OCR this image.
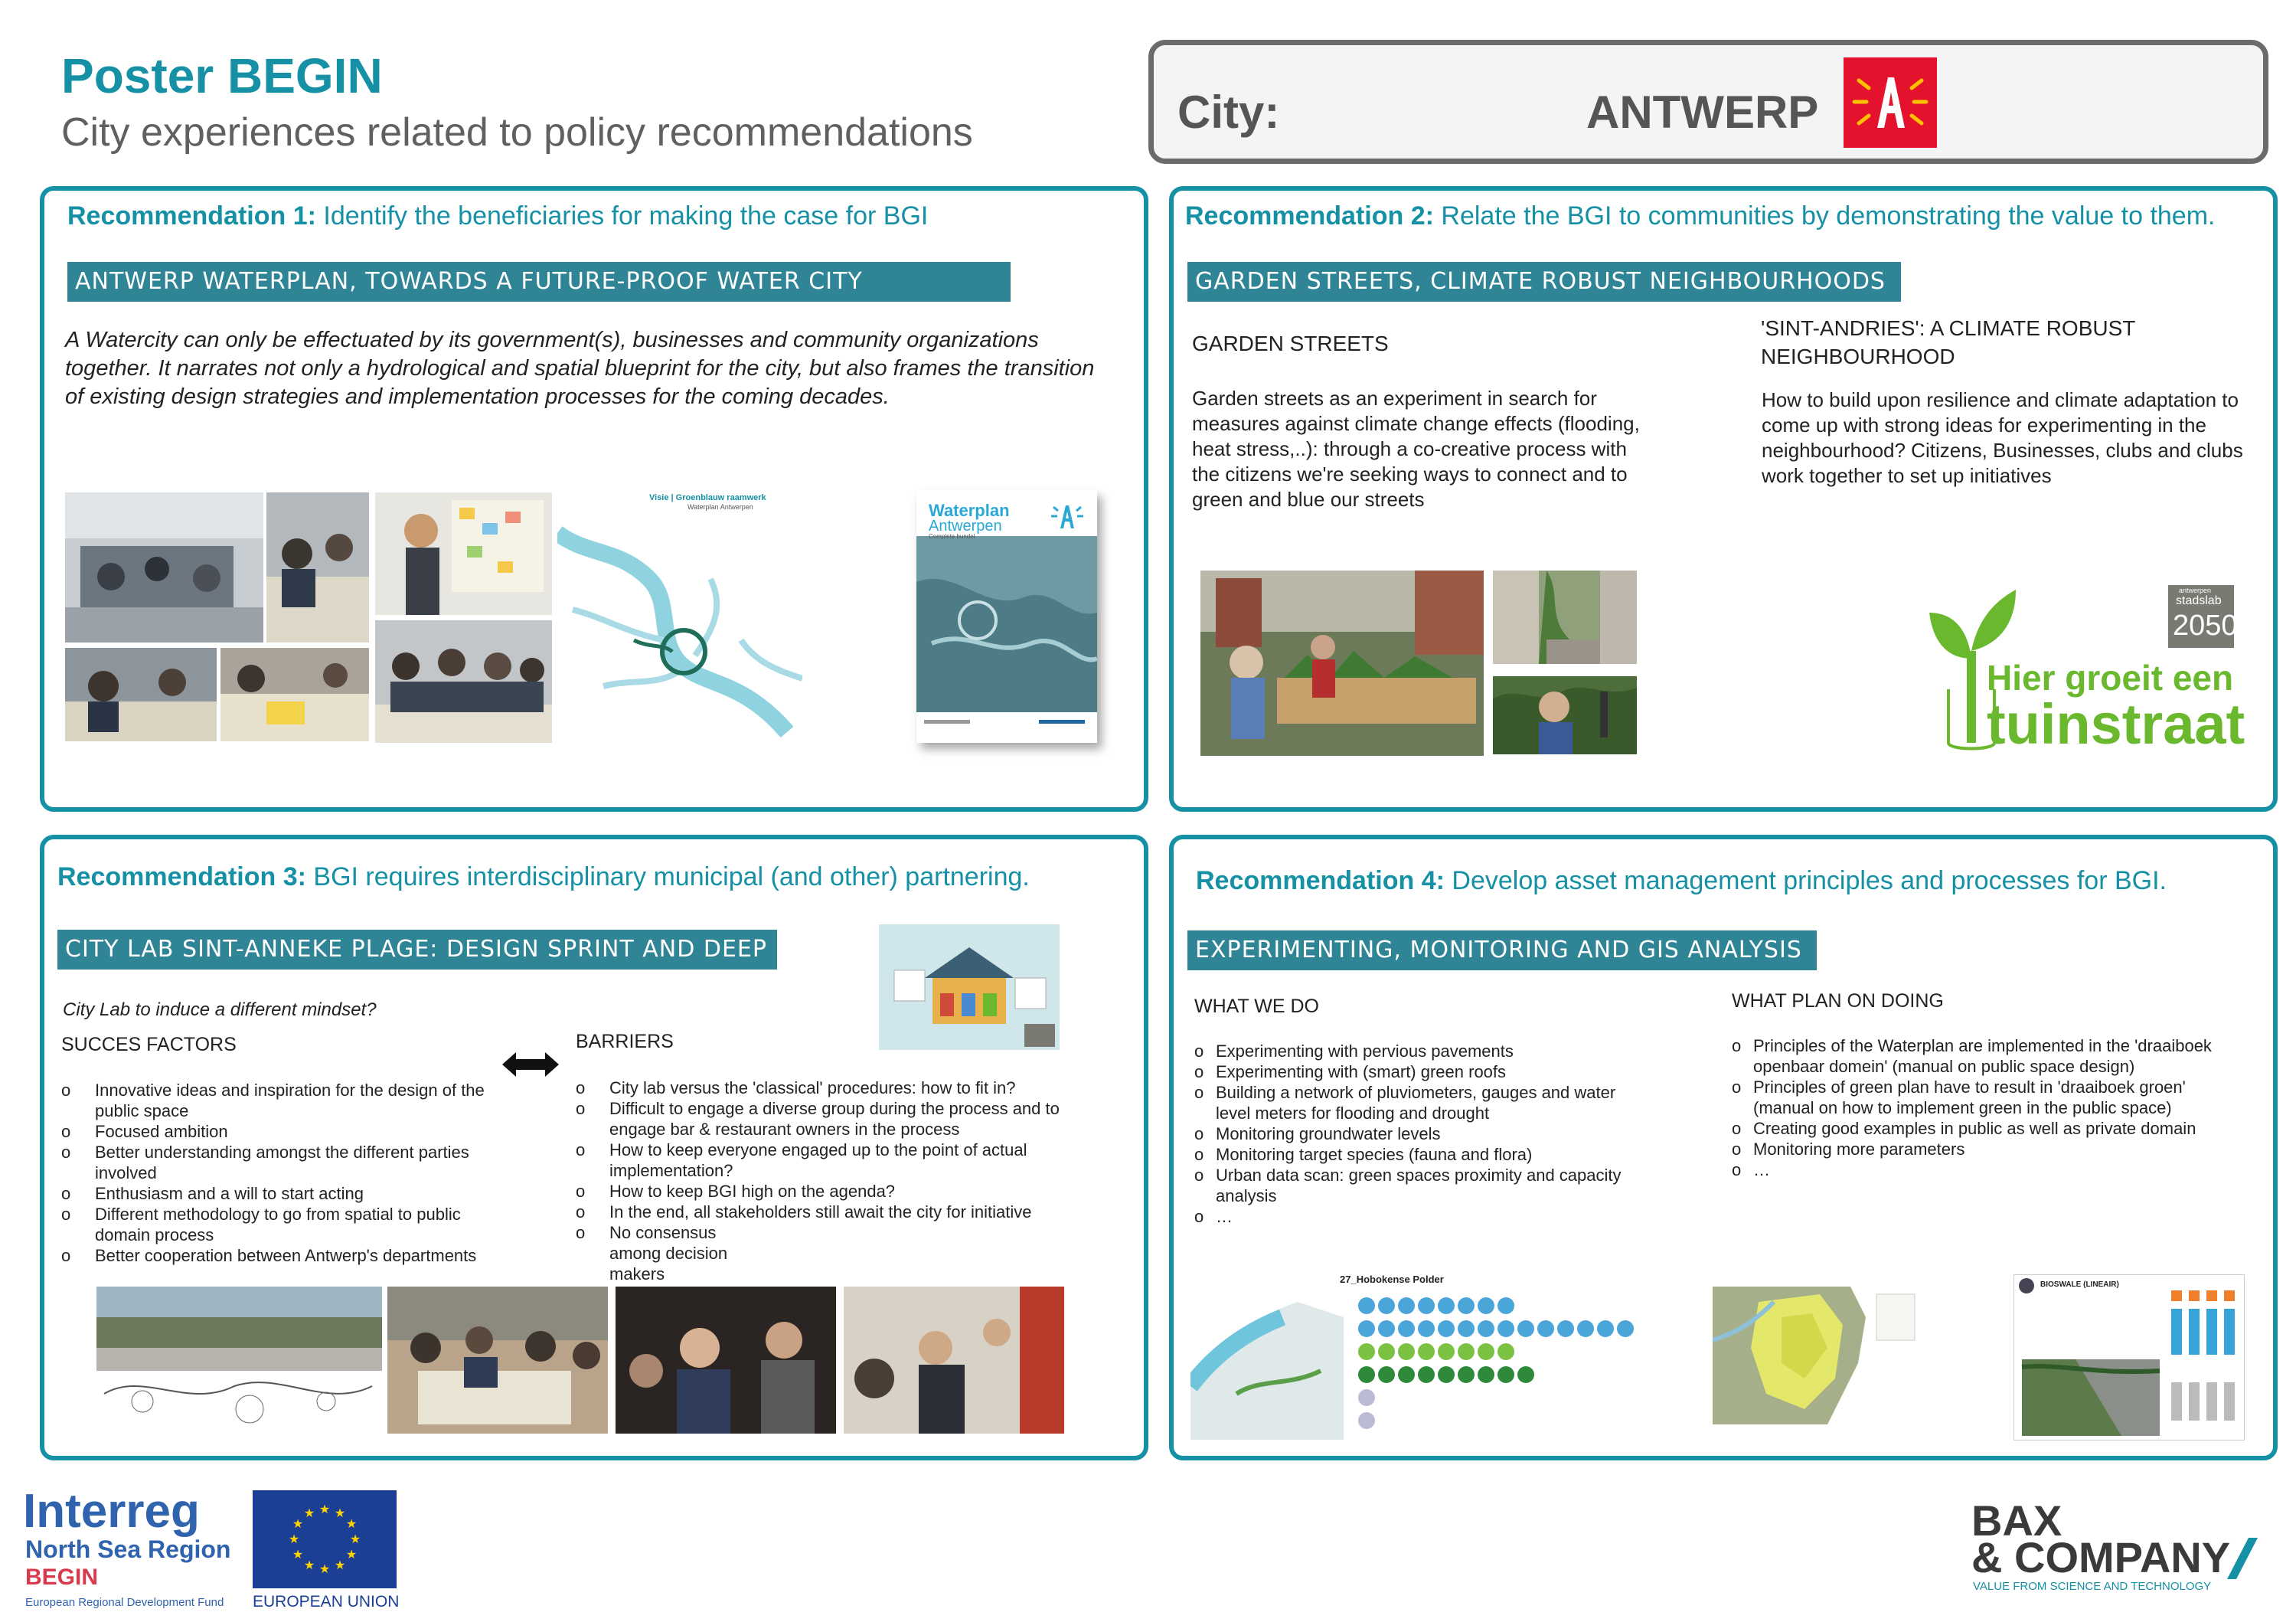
Poster BEGIN
City experiences related to policy recommendations	City:	ANTWERP
Recommendation 1: Identify the beneficiaries for making the case for BGI
ANTWERP WATERPLAN, TOWARDS A FUTURE-PROOF WATER CITY
A Watercity can only be effectuated by its government(s), businesses and community organizations together. It narrates not only a hydrological and spatial blueprint for the city, but also frames the transition of existing design strategies and implementation processes for the coming decades.
Visie | Groenblauw raamwerk
Waterplan Antwerpen	Waterplan
Antwerpen
Complete bundel
Recommendation 2: Relate the BGI to communities by demonstrating the value to them.
GARDEN STREETS, CLIMATE ROBUST NEIGHBOURHOODS
GARDEN STREETS
Garden streets as an experiment in search for measures against climate change effects (flooding, heat stress,..): through a co-creative process with the citizens we're seeking ways to connect and to green and blue our streets
'SINT-ANDRIES': A CLIMATE ROBUST NEIGHBOURHOOD
How to build upon resilience and climate adaptation to come up with strong ideas for experimenting in the neighbourhood? Citizens, Businesses, clubs and clubs work together to set up initiatives
Hier groeit een
tuinstraat
antwerpen
stadslab
2050
Recommendation 3: BGI requires interdisciplinary municipal (and other) partnering.
CITY LAB SINT-ANNEKE PLAGE: DESIGN SPRINT AND DEEP DIVES
City Lab to induce a different mindset?
SUCCES FACTORS
o Innovative ideas and inspiration for the design of the public space
o Focused ambition
o Better understanding amongst the different parties involved
o Enthusiasm and a will to start acting
o Different methodology to go from spatial to public domain process
o Better cooperation between Antwerp's departments
BARRIERS
o City lab versus the 'classical' procedures: how to fit in?
o Difficult to engage a diverse group during the process and to engage bar & restaurant owners in the process
o How to keep everyone engaged up to the point of actual implementation?
o How to keep BGI high on the agenda?
o In the end, all stakeholders still await the city for initiative
o No consensus among decision makers
Recommendation 4: Develop asset management principles and processes for BGI.
EXPERIMENTING, MONITORING AND GIS ANALYSIS
WHAT WE DO
o Experimenting with pervious pavements
o Experimenting with (smart) green roofs
o Building a network of pluviometers, gauges and water level meters for flooding and drought
o Monitoring groundwater levels
o Monitoring target species (fauna and flora)
o Urban data scan: green spaces proximity and capacity analysis
o …
WHAT PLAN ON DOING
o Principles of the Waterplan are implemented in the 'draaiboek openbaar domein' (manual on public space design)
o Principles of green plan have to result in 'draaiboek groen' (manual on how to implement green in the public space)
o Creating good examples in public as well as private domain
o Monitoring more parameters
o …
27_Hobokense Polder	BIOSWALE (LINEAIR)
Interreg
North Sea Region
BEGIN
European Regional Development Fund
★ ★
★
★
★
★
★
★
★
★
★
★
EUROPEAN UNION
BAX
& COMPANY
VALUE FROM SCIENCE AND TECHNOLOGY
